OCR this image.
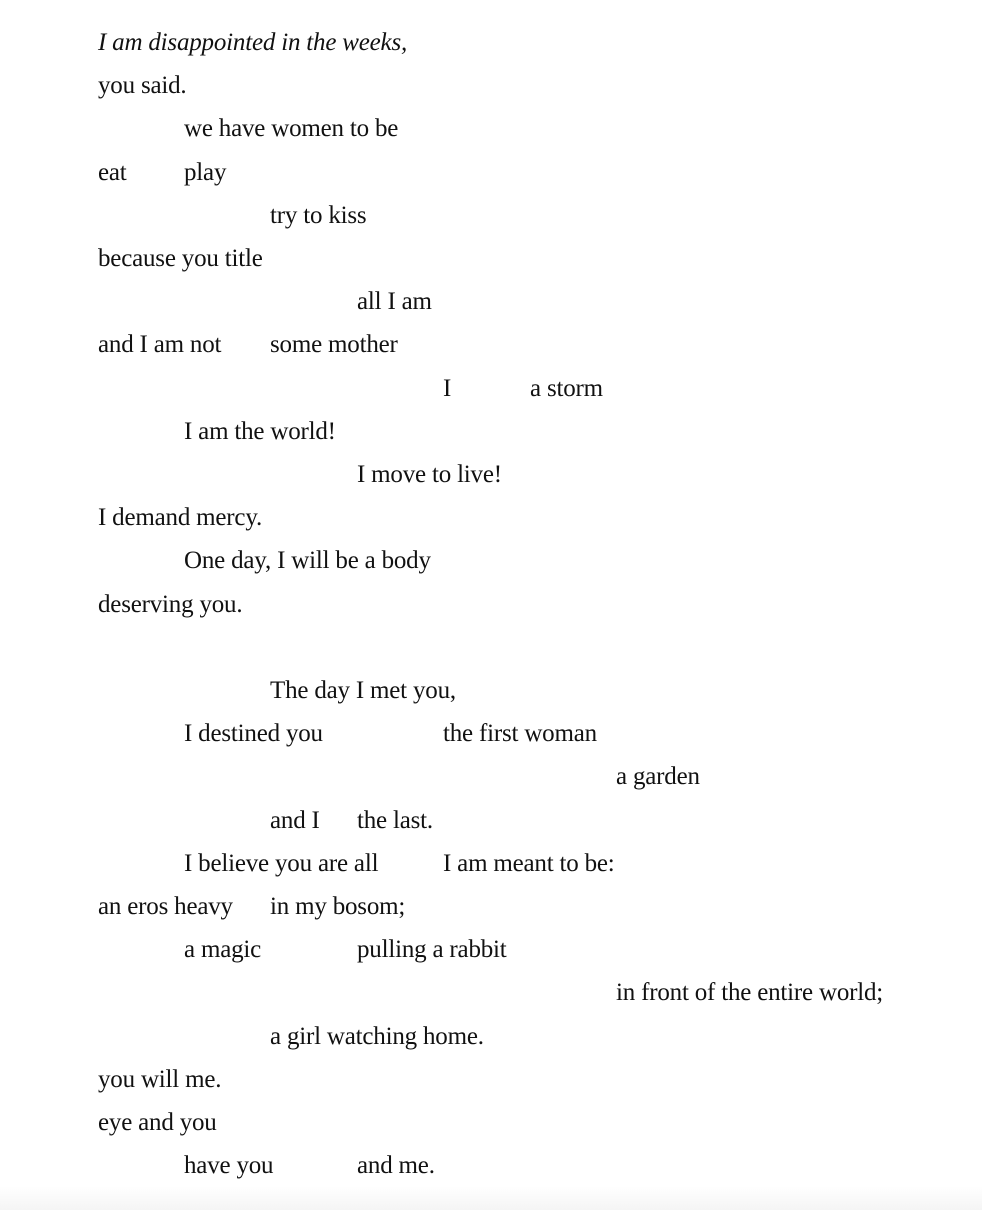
I am disappointed in the weeks,
you said.
we have women to be
eat play
try to kiss
because you title
all I am
and I am not some mother
I	a storm
I am the world!
I move to live!
I demand mercy.
One day, I will be a body
deserving you.
The day I met you,
I destined you	the first woman
a garden
and I the last.
I believe you are all	I am meant to be:
an eros heavy in my bosom;
a magic	pulling a rabbit
in front of the entire world;
a girl watching home.
you will me.
eye and you
have you	and me.
